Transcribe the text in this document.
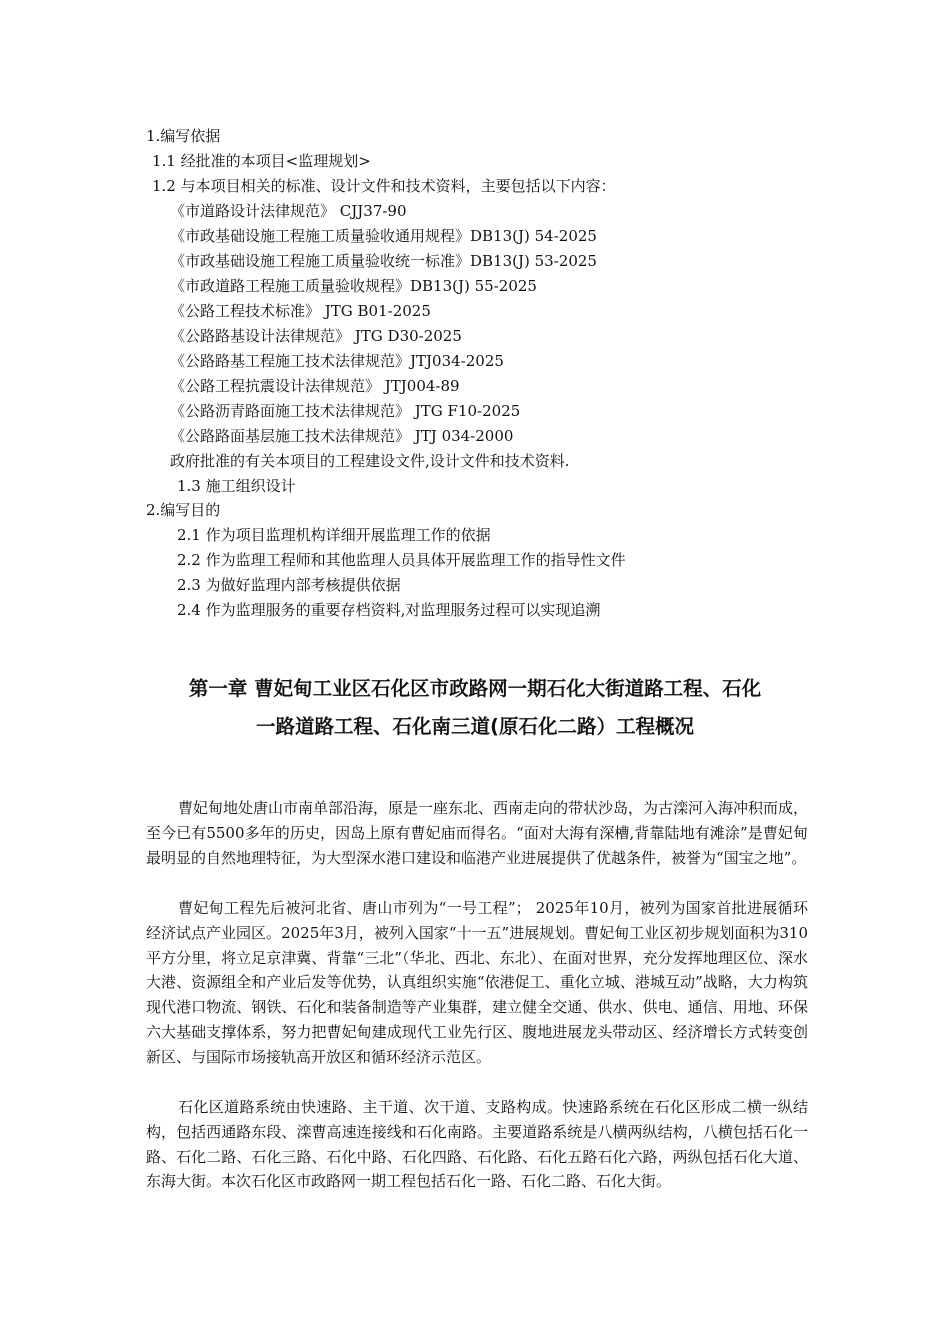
1.编写依据
1.1 经批准的本项目<监理规划>
1.2 与本项目相关的标准、设计文件和技术资料，主要包括以下内容：
《市道路设计法律规范》 CJJ37-90
《市政基础设施工程施工质量验收通用规程》DB13(J) 54-2025
《市政基础设施工程施工质量验收统一标准》DB13(J) 53-2025
《市政道路工程施工质量验收规程》DB13(J) 55-2025
《公路工程技术标准》 JTG B01-2025
《公路路基设计法律规范》 JTG D30-2025
《公路路基工程施工技术法律规范》JTJ034-2025
《公路工程抗震设计法律规范》 JTJ004-89
《公路沥青路面施工技术法律规范》 JTG F10-2025
《公路路面基层施工技术法律规范》 JTJ 034-2000
政府批准的有关本项目的工程建设文件,设计文件和技术资料.
1.3 施工组织设计
2.编写目的
2.1 作为项目监理机构详细开展监理工作的依据
2.2 作为监理工程师和其他监理人员具体开展监理工作的指导性文件
2.3 为做好监理内部考核提供依据
2.4 作为监理服务的重要存档资料,对监理服务过程可以实现追溯
第一章 曹妃甸工业区石化区市政路网一期石化大街道路工程、石化
一路道路工程、石化南三道(原石化二路）工程概况
曹妃甸地处唐山市南单部沿海，原是一座东北、西南走向的带状沙岛，为古滦河入海冲积而成，至今已有5500多年的历史，因岛上原有曹妃庙而得名。“面对大海有深槽,背靠陆地有滩涂”是曹妃甸最明显的自然地理特征，为大型深水港口建设和临港产业进展提供了优越条件，被誉为“国宝之地”。
曹妃甸工程先后被河北省、唐山市列为“一号工程”； 2025年10月，被列为国家首批进展循环经济试点产业园区。2025年3月，被列入国家“十一五”进展规划。曹妃甸工业区初步规划面积为310平方分里，将立足京津冀、背靠“三北”（华北、西北、东北）、在面对世界，充分发挥地理区位、深水大港、资源组全和产业后发等优势，认真组织实施“依港促工、重化立城、港城互动”战略，大力构筑现代港口物流、钢铁、石化和装备制造等产业集群，建立健全交通、供水、供电、通信、用地、环保六大基础支撑体系，努力把曹妃甸建成现代工业先行区、腹地进展龙头带动区、经济增长方式转变创新区、与国际市场接轨高开放区和循环经济示范区。
石化区道路系统由快速路、主干道、次干道、支路构成。快速路系统在石化区形成二横一纵结构，包括西通路东段、滦曹高速连接线和石化南路。主要道路系统是八横两纵结构，八横包括石化一路、石化二路、石化三路、石化中路、石化四路、石化路、石化五路石化六路，两纵包括石化大道、东海大街。本次石化区市政路网一期工程包括石化一路、石化二路、石化大街。
